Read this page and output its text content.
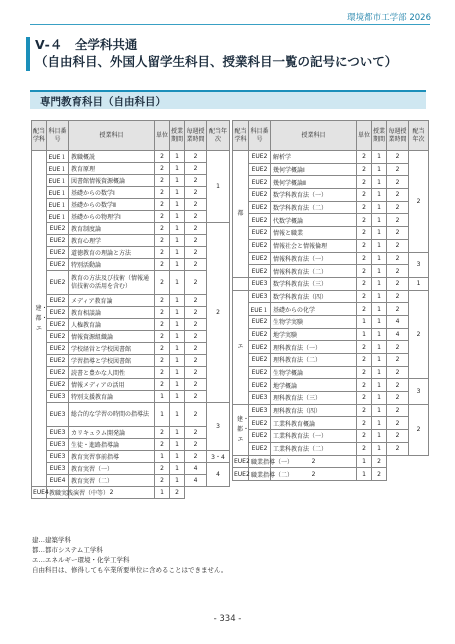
環境都市工学部 2026
Ⅴ-４　全学科共通
（自由科目、外国人留学生科目、授業科目一覧の記号について）
専門教育科目（自由科目）
配当学科	科目番号	授業科目	単位	授業期間	毎週授業時間	配当年次
建・都・エ	EUE１	教職概説	2	1	2	1
	EUE１	教育原理	2	1	2	
	EUE１	図書館情報資源概論	2	1	2	
	EUE１	基礎からの数学Ⅰ	2	1	2	
	EUE１	基礎からの数学Ⅱ	2	1	2	
	EUE１	基礎からの物理学Ⅰ	2	1	2	
	EUE2	教育制度論	2	1	2	2
	EUE2	教育心理学	2	1	2	
	EUE2	道徳教育の理論と方法	2	1	2	
	EUE2	特別活動論	2	1	2	
	EUE2	教育の方法及び技術（情報通信技術の活用を含む）	2	1	2	
	EUE2	メディア教育論	2	1	2	
	EUE2	教育相談論	2	1	2	
	EUE2	人権教育論	2	1	2	
	EUE2	情報資源組織論	2	1	2	
	EUE2	学校経営と学校図書館	2	1	2	
	EUE2	学習指導と学校図書館	2	1	2	
	EUE2	読書と豊かな人間性	2	1	2	
	EUE2	情報メディアの活用	2	1	2	
	EUE3	特別支援教育論	1	1	2	
	EUE3	総合的な学習の時間の指導法	1	1	2	3
	EUE3	カリキュラム開発論	2	1	2	
	EUE3	生徒・進路指導論	2	1	2	
	EUE3	教育実習事前指導	1	1	2	3・4
	EUE3	教育実習（一）	2	1	4	4
	EUE4	教育実習（二）	2	1	4	
EUE4	教職実践演習（中等）	2	1	2		
配当学科	科目番号	授業科目	単位	授業期間	毎週授業時間	配当年次
都	EUE2	解析学	2	1	2	2
	EUE2	幾何学概論Ⅰ	2	1	2	
	EUE2	幾何学概論Ⅱ	2	1	2	
	EUE2	数学科教育法（一）	2	1	2	
	EUE2	数学科教育法（二）	2	1	2	
	EUE2	代数学概論	2	1	2	
	EUE2	情報と職業	2	1	2	
	EUE2	情報社会と情報倫理	2	1	2	
	EUE2	情報科教育法（一）	2	1	2	3
	EUE2	情報科教育法（二）	2	1	2	
	EUE3	数学科教育法（三）	2	1	2	1
エ	EUE3	数学科教育法（四）	2	1	2	2
	EUE１	基礎からの化学	2	1	2	
	EUE2	生物学実験	1	1	4	
	EUE2	地学実験	1	1	4	
	EUE2	理科教育法（一）	2	1	2	
	EUE2	理科教育法（二）	2	1	2	
	EUE2	生物学概論	2	1	2	
	EUE2	地学概論	2	1	2	3
	EUE3	理科教育法（三）	2	1	2	
建・都・エ	EUE3	理科教育法（四）	2	1	2	2
	EUE2	工業科教育概論	2	1	2	
	EUE2	工業科教育法（一）	2	1	2	
	EUE2	工業科教育法（二）	2	1	2	
EUE2	職業指導（一）	2	1	2		
EUE2	職業指導（二）	2	1	2		
建…建築学科
都…都市システム工学科
エ…エネルギー環境・化学工学科
自由科目は、修得しても卒業所要単位に含めることはできません。
- 334 -
